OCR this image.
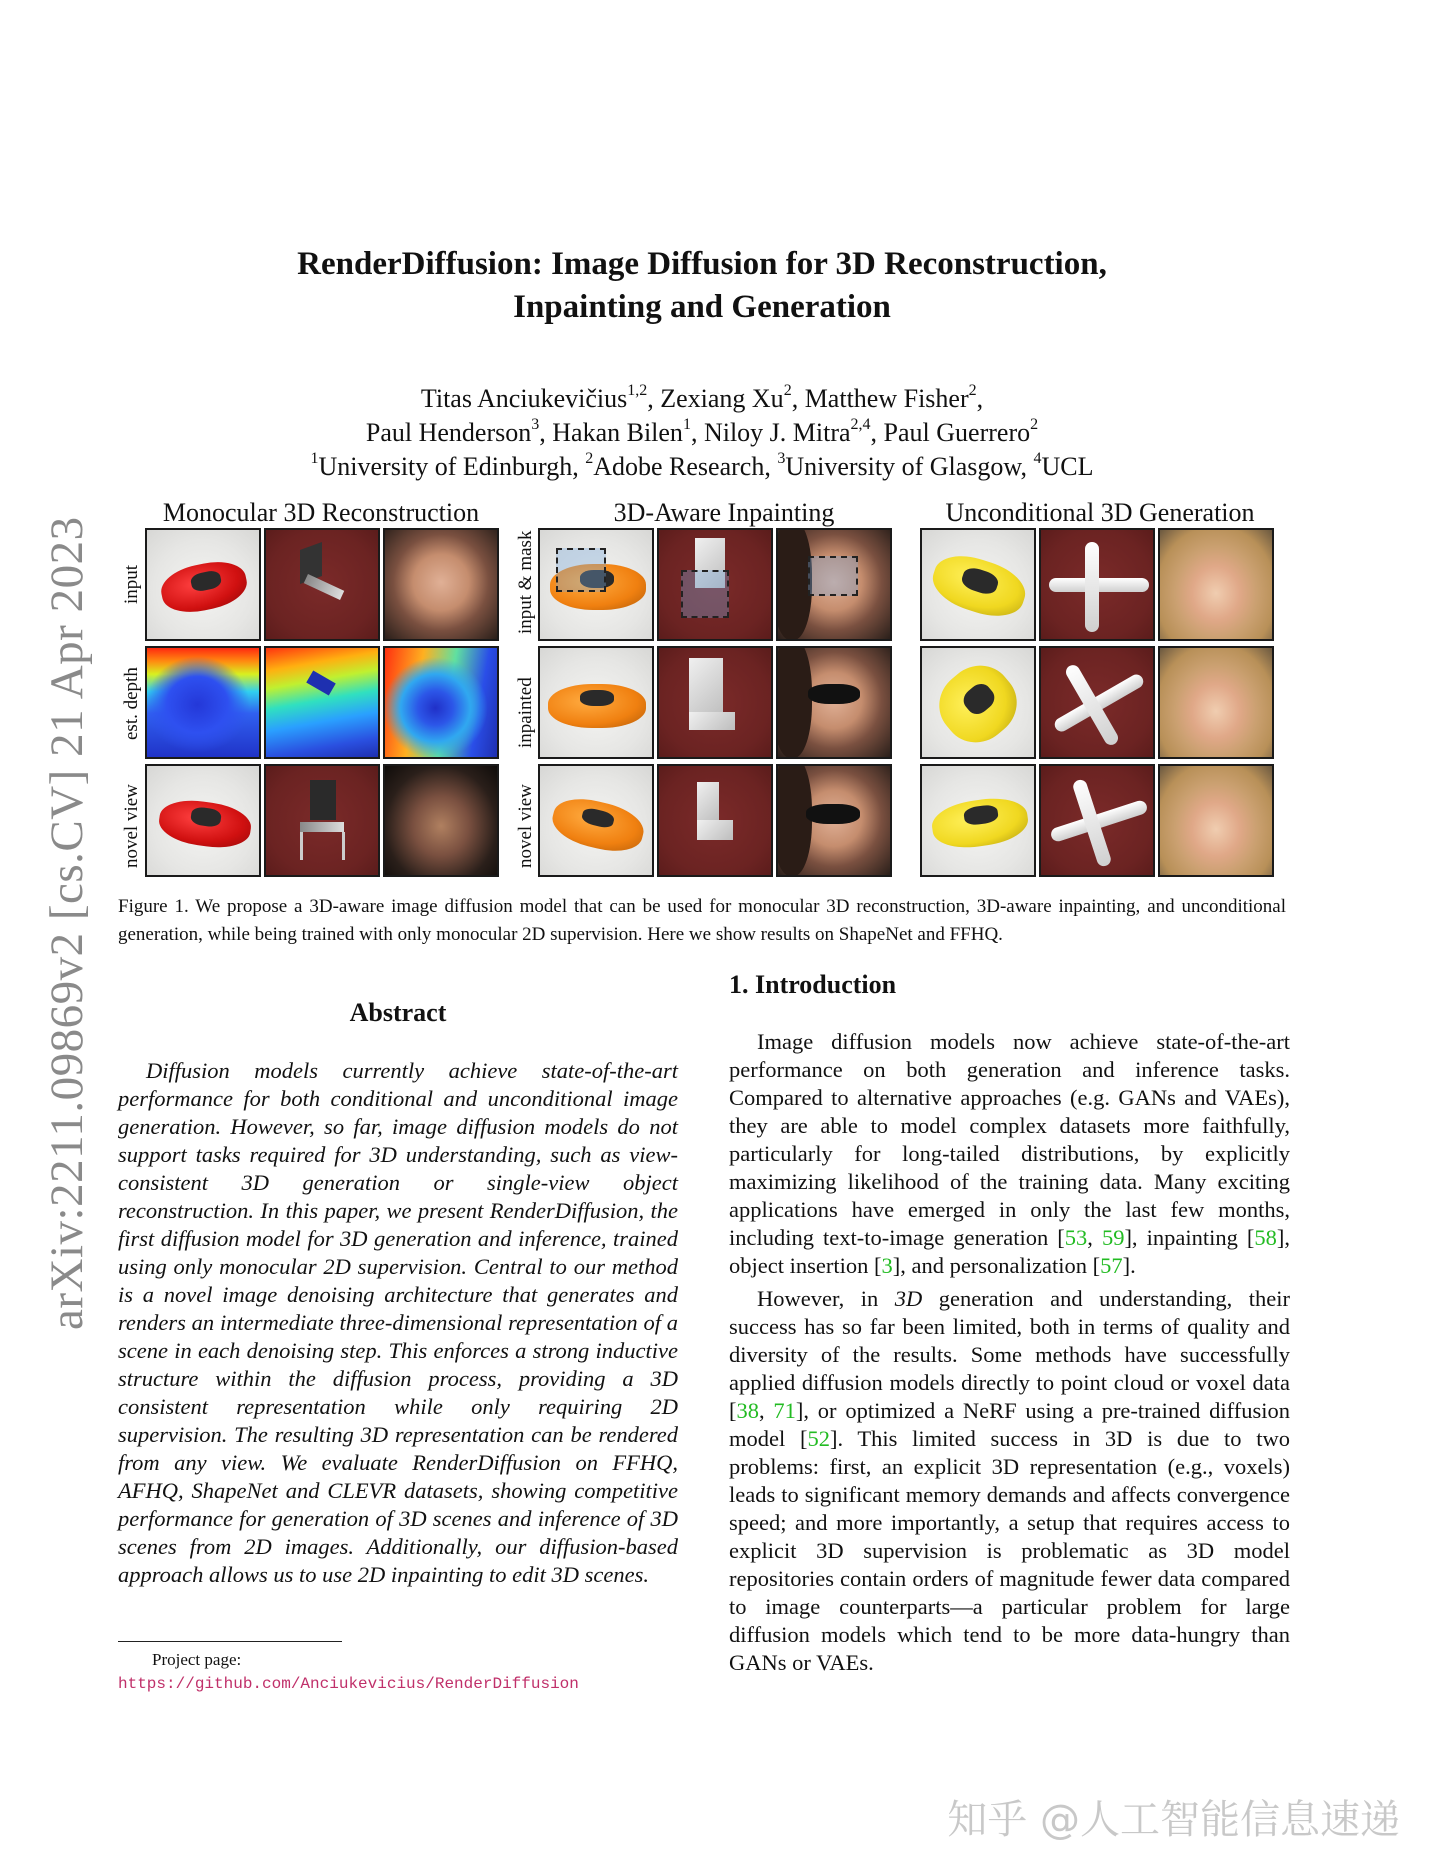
arXiv:2211.09869v2 [cs.CV] 21 Apr 2023
RenderDiffusion: Image Diffusion for 3D Reconstruction,
Inpainting and Generation
Titas Anciukevičius$^{1,2}$, Zexiang Xu$^2$, Matthew Fisher$^2$,
Paul Henderson$^3$, Hakan Bilen$^1$, Niloy J. Mitra$^{2,4}$, Paul Guerrero$^2$
$^1$University of Edinburgh, $^2$Adobe Research, $^3$University of Glasgow, $^4$UCL
Monocular 3D Reconstruction	3D-Aware Inpainting	Unconditional 3D Generation
input
est. depth
novel view
input & mask
inpainted
novel view
Figure 1. We propose a 3D-aware image diffusion model that can be used for monocular 3D reconstruction, 3D-aware inpainting, and unconditional generation, while being trained with only monocular 2D supervision. Here we show results on ShapeNet and FFHQ.
Abstract
Diffusion models currently achieve state-of-the-art performance for both conditional and unconditional image generation. However, so far, image diffusion models do not support tasks required for 3D understanding, such as view-consistent 3D generation or single-view object reconstruction. In this paper, we present RenderDiffusion, the first diffusion model for 3D generation and inference, trained using only monocular 2D supervision. Central to our method is a novel image denoising architecture that generates and renders an intermediate three-dimensional representation of a scene in each denoising step. This enforces a strong inductive structure within the diffusion process, providing a 3D consistent representation while only requiring 2D supervision. The resulting 3D representation can be rendered from any view. We evaluate RenderDiffusion on FFHQ, AFHQ, ShapeNet and CLEVR datasets, showing competitive performance for generation of 3D scenes and inference of 3D scenes from 2D images. Additionally, our diffusion-based approach allows us to use 2D inpainting to edit 3D scenes.
Project page: https://github.com/Anciukevicius/RenderDiffusion
1. Introduction

Image diffusion models now achieve state-of-the-art performance on both generation and inference tasks. Compared to alternative approaches (e.g. GANs and VAEs), they are able to model complex datasets more faithfully, particularly for long-tailed distributions, by explicitly maximizing likelihood of the training data. Many exciting applications have emerged in only the last few months, including text-to-image generation [53, 59], inpainting [58], object insertion [3], and personalization [57].

However, in 3D generation and understanding, their success has so far been limited, both in terms of quality and diversity of the results. Some methods have successfully applied diffusion models directly to point cloud or voxel data [38, 71], or optimized a NeRF using a pre-trained diffusion model [52]. This limited success in 3D is due to two problems: first, an explicit 3D representation (e.g., voxels) leads to significant memory demands and affects convergence speed; and more importantly, a setup that requires access to explicit 3D supervision is problematic as 3D model repositories contain orders of magnitude fewer data compared to image counterparts—a particular problem for large diffusion models which tend to be more data-hungry than GANs or VAEs.

知乎 @人工智能信息速递
